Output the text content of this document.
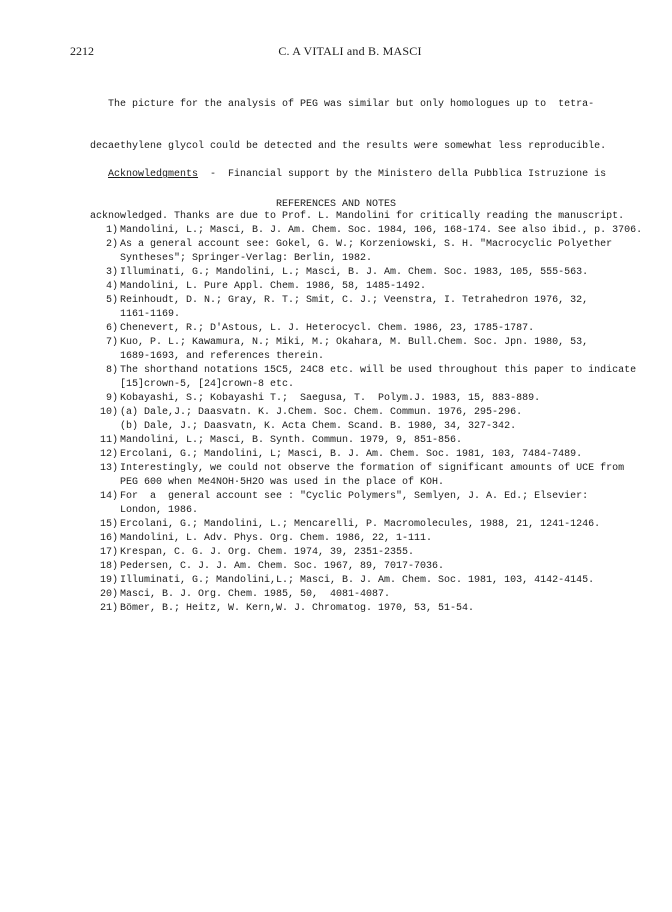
2212	C. A VITALI and B. MASCI

The picture for the analysis of PEG was similar but only homologues up to  tetra-

decaethylene glycol could be detected and the results were somewhat less reproducible.

Acknowledgments  -  Financial support by the Ministero della Pubblica Istruzione is

acknowledged. Thanks are due to Prof. L. Mandolini for critically reading the manuscript.

REFERENCES AND NOTES
1) Mandolini, L.; Masci, B. J. Am. Chem. Soc. 1984, 106, 168-174. See also ibid., p. 3706.
2) As a general account see: Gokel, G. W.; Korzeniowski, S. H. "Macrocyclic Polyether
Syntheses"; Springer-Verlag: Berlin, 1982.
3) Illuminati, G.; Mandolini, L.; Masci, B. J. Am. Chem. Soc. 1983, 105, 555-563.
4) Mandolini, L. Pure Appl. Chem. 1986, 58, 1485-1492.
5) Reinhoudt, D. N.; Gray, R. T.; Smit, C. J.; Veenstra, I. Tetrahedron 1976, 32,
1161-1169.
6) Chenevert, R.; D'Astous, L. J. Heterocycl. Chem. 1986, 23, 1785-1787.
7) Kuo, P. L.; Kawamura, N.; Miki, M.; Okahara, M. Bull.Chem. Soc. Jpn. 1980, 53,
1689-1693, and references therein.
8) The shorthand notations 15C5, 24C8 etc. will be used throughout this paper to indicate
[15]crown-5, [24]crown-8 etc.
9) Kobayashi, S.; Kobayashi T.;  Saegusa, T.  Polym.J. 1983, 15, 883-889.
10) (a) Dale,J.; Daasvatn. K. J.Chem. Soc. Chem. Commun. 1976, 295-296.
(b) Dale, J.; Daasvatn, K. Acta Chem. Scand. B. 1980, 34, 327-342.
11) Mandolini, L.; Masci, B. Synth. Commun. 1979, 9, 851-856.
12) Ercolani, G.; Mandolini, L; Masci, B. J. Am. Chem. Soc. 1981, 103, 7484-7489.
13) Interestingly, we could not observe the formation of significant amounts of UCE from
PEG 600 when Me4NOH·5H2O was used in the place of KOH.
14) For  a  general account see : "Cyclic Polymers", Semlyen, J. A. Ed.; Elsevier:
London, 1986.
15) Ercolani, G.; Mandolini, L.; Mencarelli, P. Macromolecules, 1988, 21, 1241-1246.
16) Mandolini, L. Adv. Phys. Org. Chem. 1986, 22, 1-111.
17) Krespan, C. G. J. Org. Chem. 1974, 39, 2351-2355.
18) Pedersen, C. J. J. Am. Chem. Soc. 1967, 89, 7017-7036.
19) Illuminati, G.; Mandolini,L.; Masci, B. J. Am. Chem. Soc. 1981, 103, 4142-4145.
20) Masci, B. J. Org. Chem. 1985, 50,  4081-4087.
21) Bömer, B.; Heitz, W. Kern,W. J. Chromatog. 1970, 53, 51-54.
